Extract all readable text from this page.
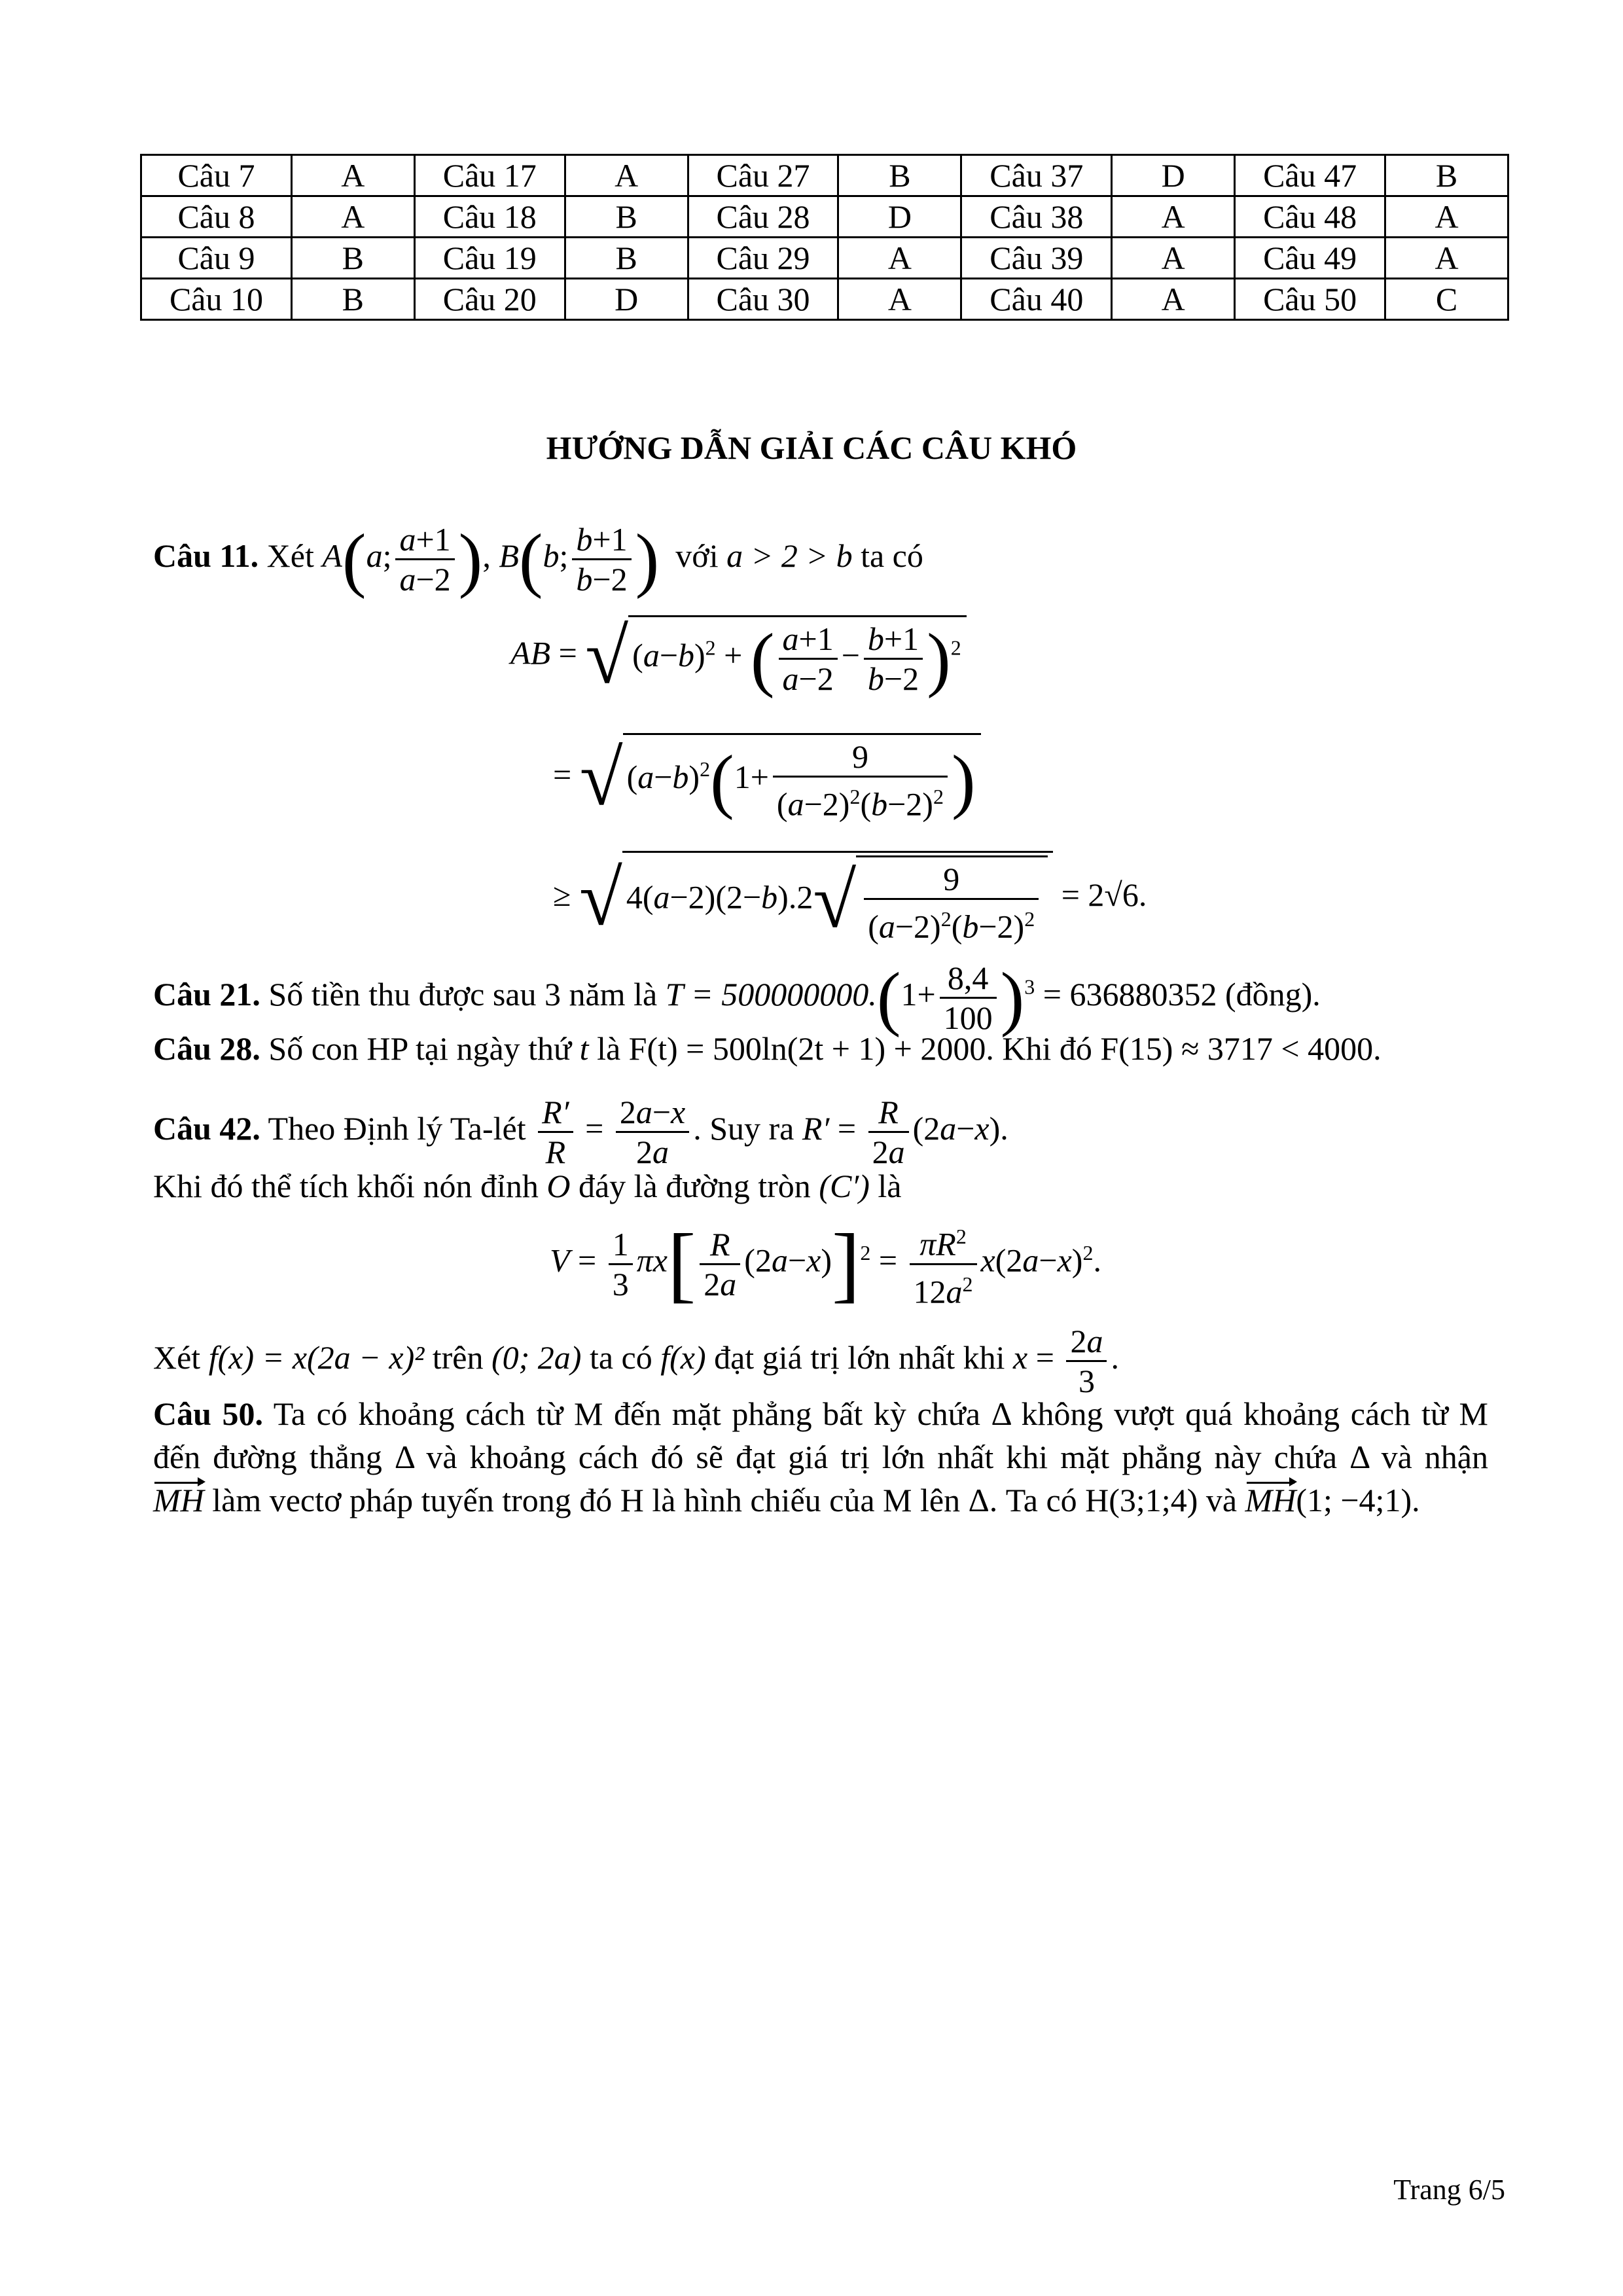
Câu 7	A	Câu 17	A	Câu 27	B	Câu 37	D	Câu 47	B
Câu 8	A	Câu 18	B	Câu 28	D	Câu 38	A	Câu 48	A
Câu 9	B	Câu 19	B	Câu 29	A	Câu 39	A	Câu 49	A
Câu 10	B	Câu 20	D	Câu 30	A	Câu 40	A	Câu 50	C
HƯỚNG DẪN GIẢI CÁC CÂU KHÓ
Câu 11. Xét A(a; $\frac{a+1}{a-2}$ ), B(b; $\frac{b+1}{b-2}$ ) với a > 2 > b ta có
AB = √ $(a-b)^2$ + ( $\frac{a+1}{a-2} - \frac{b+1}{b-2} )^2$
= √ $(a-b)^2(1+ \frac{9}{(a-2)^2(b-2)^2}$ )
≥ √ $4(a-2)(2-b).2√ \frac{9}{(a-2)^2(b-2)^2} = 2√6$.
Câu 21. Số tiền thu được sau 3 năm là $T = 500000000.(1+ \frac{8,4}{100} )^3 = 636880352$ (đồng).
Câu 28. Số con HP tại ngày thứ t là F(t) = 500ln(2t + 1) + 2000. Khi đó F(15) ≈ 3717 < 4000.
Câu 42. Theo Định lý Ta-lét $\frac{R'}{R} = \frac{2a-x}{2a}$ . Suy ra $R' = \frac{R}{2a} (2a-x)$.
Khi đó thể tích khối nón đỉnh O đáy là đường tròn (C′) là
$V = \frac{1}{3} \pi x[ \frac{R}{2a} (2a-x)]^2 = \frac{\pi R^2}{12a^2} x(2a-x)^2$.
Xét f(x) = x(2a − x)² trên (0; 2a) ta có f(x) đạt giá trị lớn nhất khi $x = \frac{2a}{3}$ .
Câu 50. Ta có khoảng cách từ M đến mặt phẳng bất kỳ chứa Δ không vượt quá khoảng cách từ M
đến đường thẳng Δ và khoảng cách đó sẽ đạt giá trị lớn nhất khi mặt phẳng này chứa Δ và nhận
MH làm vectơ pháp tuyến trong đó H là hình chiếu của M lên Δ. Ta có H(3;1;4) và MH(1; −4;1).
Trang 6/5
